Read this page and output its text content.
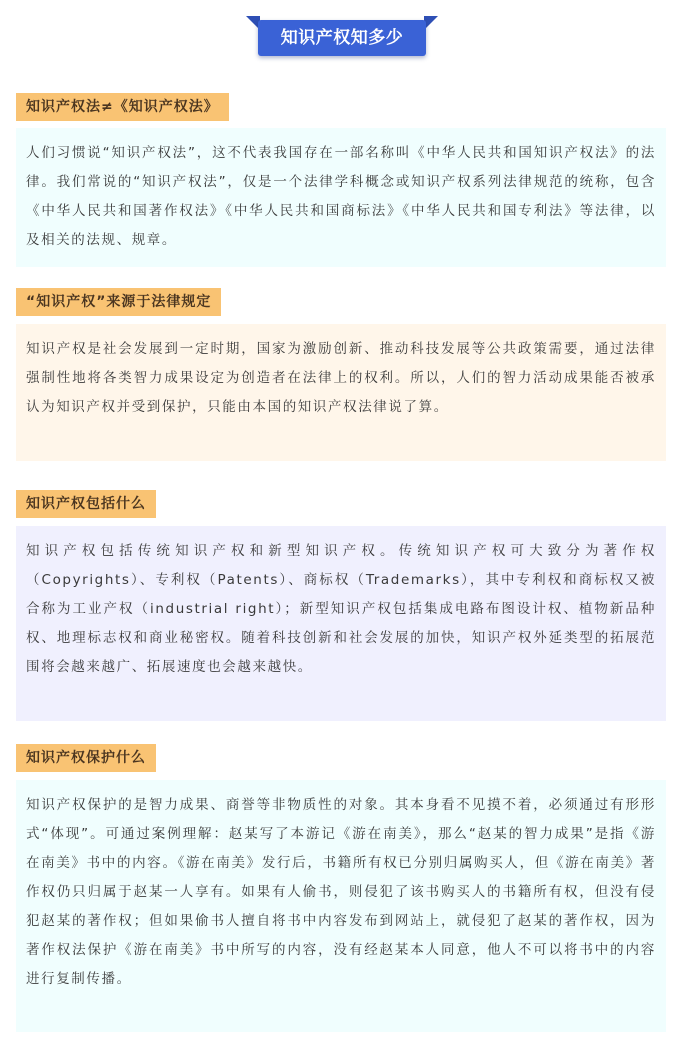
知识产权知多少
知识产权法≠《知识产权法》

人们习惯说“知识产权法”，这不代表我国存在一部名称叫《中华人民共和国知识产权法》的法律。我们常说的“知识产权法”，仅是一个法律学科概念或知识产权系列法律规范的统称，包含《中华人民共和国著作权法》《中华人民共和国商标法》《中华人民共和国专利法》等法律，以及相关的法规、规章。

“知识产权”来源于法律规定

知识产权是社会发展到一定时期，国家为激励创新、推动科技发展等公共政策需要，通过法律强制性地将各类智力成果设定为创造者在法律上的权利。所以，人们的智力活动成果能否被承认为知识产权并受到保护，只能由本国的知识产权法律说了算。

知识产权包括什么

知识产权包括传统知识产权和新型知识产权。传统知识产权可大致分为著作权（Copyrights）、专利权（Patents）、商标权（Trademarks），其中专利权和商标权又被合称为工业产权（industrial right）；新型知识产权包括集成电路布图设计权、植物新品种权、地理标志权和商业秘密权。随着科技创新和社会发展的加快，知识产权外延类型的拓展范围将会越来越广、拓展速度也会越来越快。

知识产权保护什么

知识产权保护的是智力成果、商誉等非物质性的对象。其本身看不见摸不着，必须通过有形形式“体现”。可通过案例理解：赵某写了本游记《游在南美》，那么“赵某的智力成果”是指《游在南美》书中的内容。《游在南美》发行后，书籍所有权已分别归属购买人，但《游在南美》著作权仍只归属于赵某一人享有。如果有人偷书，则侵犯了该书购买人的书籍所有权，但没有侵犯赵某的著作权；但如果偷书人擅自将书中内容发布到网站上，就侵犯了赵某的著作权，因为著作权法保护《游在南美》书中所写的内容，没有经赵某本人同意，他人不可以将书中的内容进行复制传播。
